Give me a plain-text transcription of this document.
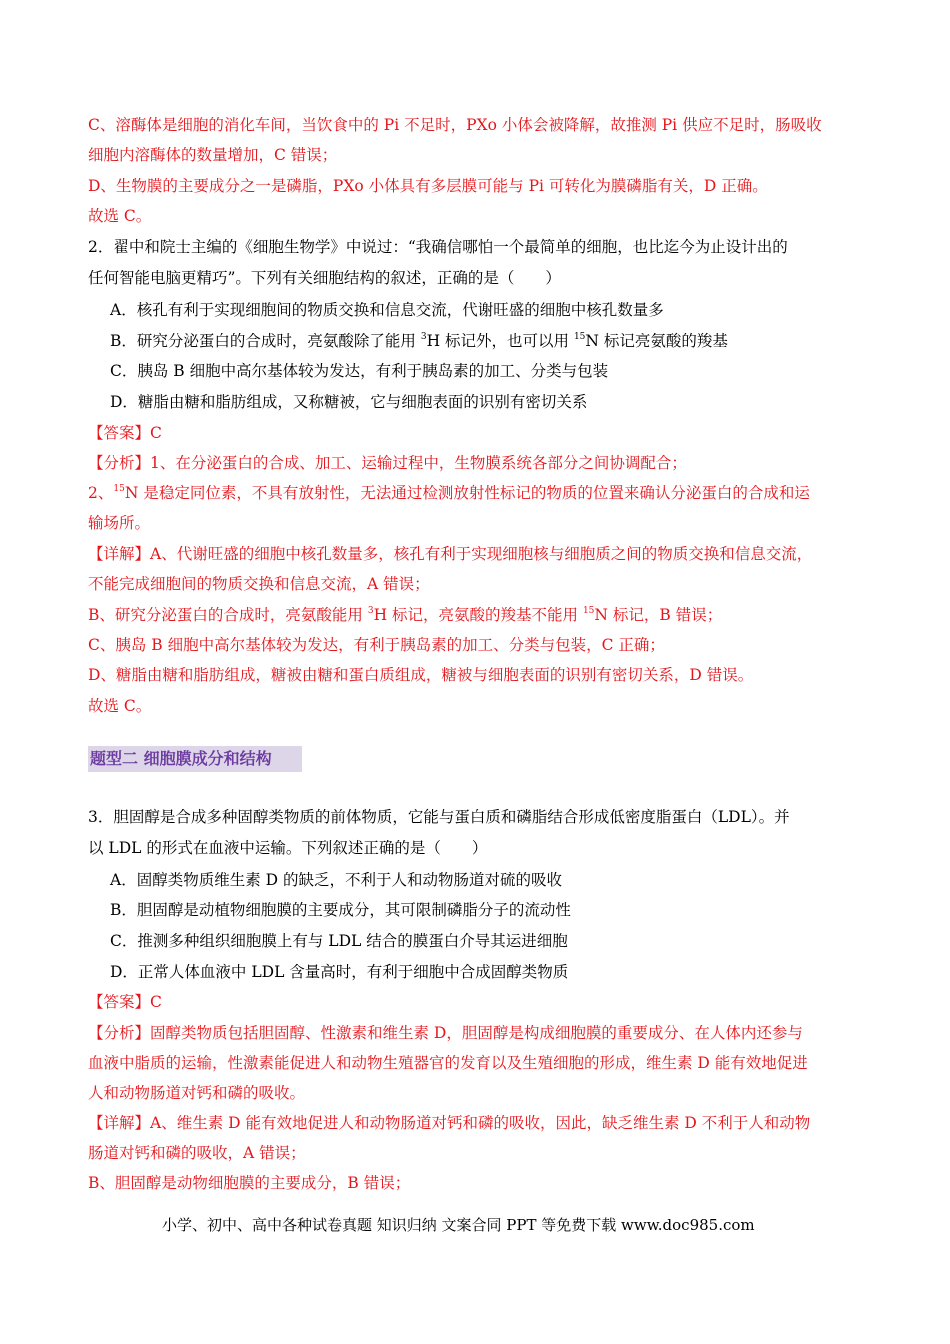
C、溶酶体是细胞的消化车间，当饮食中的 Pi 不足时，PXo 小体会被降解，故推测 Pi 供应不足时，肠吸收
细胞内溶酶体的数量增加，C 错误；
D、生物膜的主要成分之一是磷脂，PXo 小体具有多层膜可能与 Pi 可转化为膜磷脂有关，D 正确。
故选 C。
2．翟中和院士主编的《细胞生物学》中说过：“我确信哪怕一个最简单的细胞，也比迄今为止设计出的
任何智能电脑更精巧”。下列有关细胞结构的叙述，正确的是（　　）
A．核孔有利于实现细胞间的物质交换和信息交流，代谢旺盛的细胞中核孔数量多
B．研究分泌蛋白的合成时，亮氨酸除了能用 $^3$H 标记外，也可以用 $^{15}$N 标记亮氨酸的羧基
C．胰岛 B 细胞中高尔基体较为发达，有利于胰岛素的加工、分类与包装
D．糖脂由糖和脂肪组成，又称糖被，它与细胞表面的识别有密切关系
【答案】C
【分析】1、在分泌蛋白的合成、加工、运输过程中，生物膜系统各部分之间协调配合；
2、$^{15}$N 是稳定同位素，不具有放射性，无法通过检测放射性标记的物质的位置来确认分泌蛋白的合成和运
输场所。
【详解】A、代谢旺盛的细胞中核孔数量多，核孔有利于实现细胞核与细胞质之间的物质交换和信息交流，
不能完成细胞间的物质交换和信息交流，A 错误；
B、研究分泌蛋白的合成时，亮氨酸能用 $^3$H 标记，亮氨酸的羧基不能用 $^{15}$N 标记，B 错误；
C、胰岛 B 细胞中高尔基体较为发达，有利于胰岛素的加工、分类与包装，C 正确；
D、糖脂由糖和脂肪组成，糖被由糖和蛋白质组成，糖被与细胞表面的识别有密切关系，D 错误。
故选 C。
题型二 细胞膜成分和结构
3．胆固醇是合成多种固醇类物质的前体物质，它能与蛋白质和磷脂结合形成低密度脂蛋白（LDL）。并
以 LDL 的形式在血液中运输。下列叙述正确的是（　　）
A．固醇类物质维生素 D 的缺乏，不利于人和动物肠道对硫的吸收
B．胆固醇是动植物细胞膜的主要成分，其可限制磷脂分子的流动性
C．推测多种组织细胞膜上有与 LDL 结合的膜蛋白介导其运进细胞
D．正常人体血液中 LDL 含量高时，有利于细胞中合成固醇类物质
【答案】C
【分析】固醇类物质包括胆固醇、性激素和维生素 D，胆固醇是构成细胞膜的重要成分、在人体内还参与
血液中脂质的运输，性激素能促进人和动物生殖器官的发育以及生殖细胞的形成，维生素 D 能有效地促进
人和动物肠道对钙和磷的吸收。
【详解】A、维生素 D 能有效地促进人和动物肠道对钙和磷的吸收，因此，缺乏维生素 D 不利于人和动物
肠道对钙和磷的吸收，A 错误；
B、胆固醇是动物细胞膜的主要成分，B 错误；
小学、初中、高中各种试卷真题 知识归纳 文案合同 PPT 等免费下载 www.doc985.com
